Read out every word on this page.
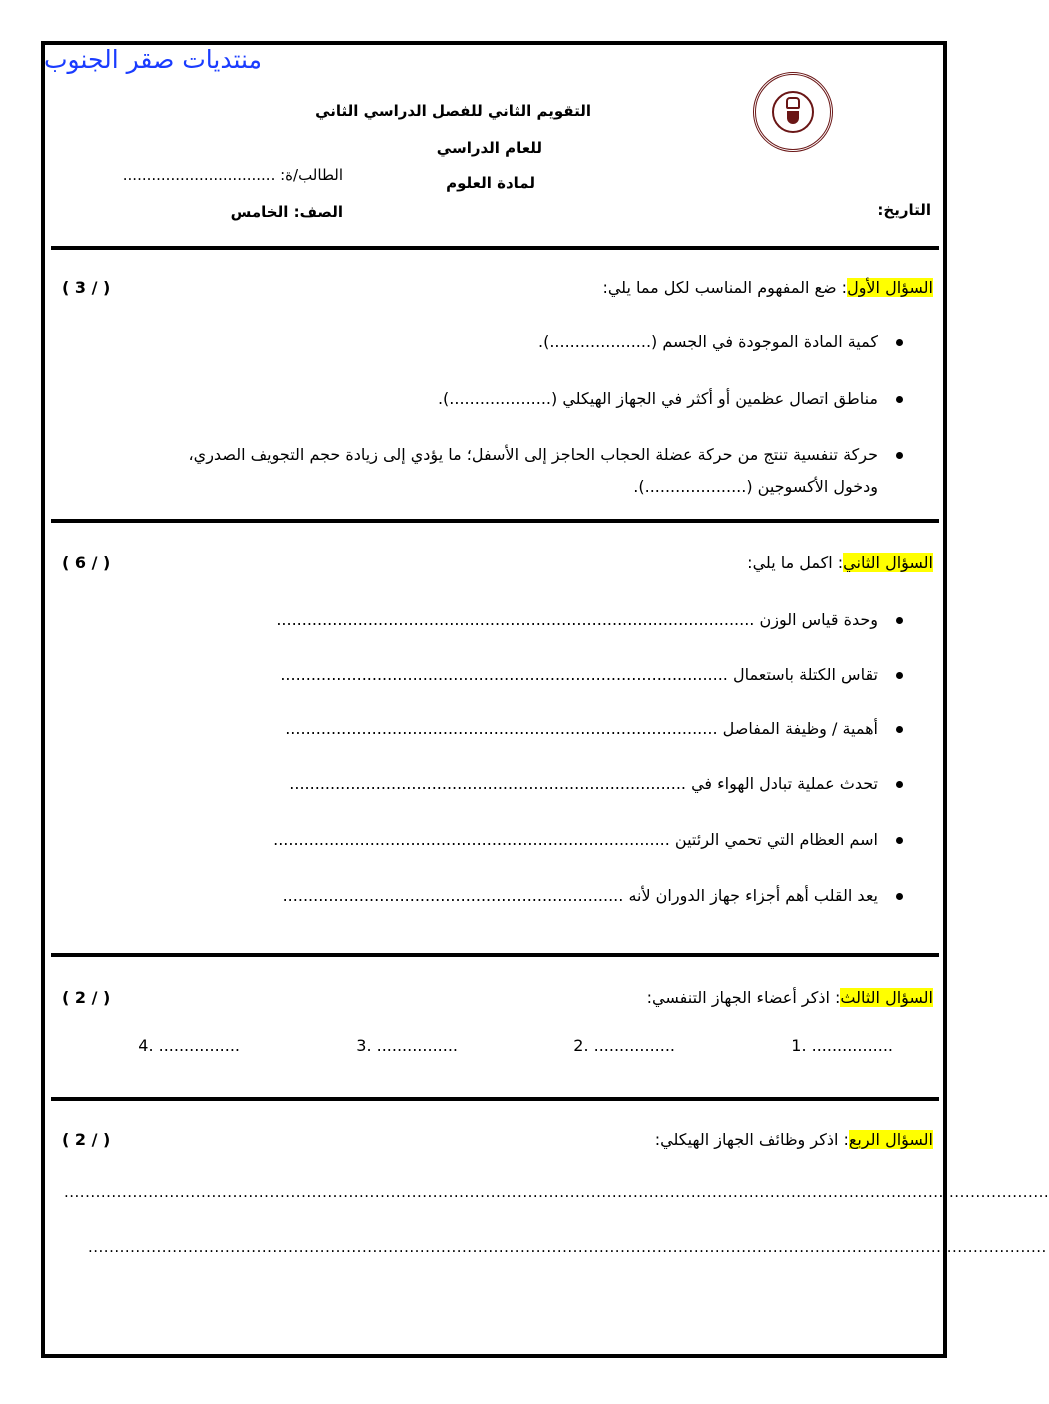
منتديات صقر الجنوب
التقويم الثاني للفصل الدراسي الثاني
للعام الدراسي
لمادة العلوم
الطالب/ة: ................................
الصف: الخامس	التاريخ:
السؤال الأول: ضع المفهوم المناسب لكل مما يلي:
( 3 / )
كمية المادة الموجودة في الجسم (....................).
مناطق اتصال عظمين أو أكثر في الجهاز الهيكلي (....................).
حركة تنفسية تنتج من حركة عضلة الحجاب الحاجز إلى الأسفل؛ ما يؤدي إلى زيادة حجم التجويف الصدري،
ودخول الأكسوجين (....................).
السؤال الثاني: اكمل ما يلي:
( 6 / )
وحدة قياس الوزن ..............................................................................................
تقاس الكتلة باستعمال ........................................................................................
أهمية / وظيفة المفاصل .....................................................................................
تحدث عملية تبادل الهواء في ..............................................................................
اسم العظام التي تحمي الرئتين ..............................................................................
يعد القلب أهم أجزاء جهاز الدوران لأنه ...................................................................
السؤال الثالث: اذكر أعضاء الجهاز التنفسي:
( 2 / )
1. ................
2. ................
3. ................
4. ................
السؤال الربع: اذكر وظائف الجهاز الهيكلي:
( 2 / )
...........................................................................................................................................................................................
......................................................................................................................................................................................
